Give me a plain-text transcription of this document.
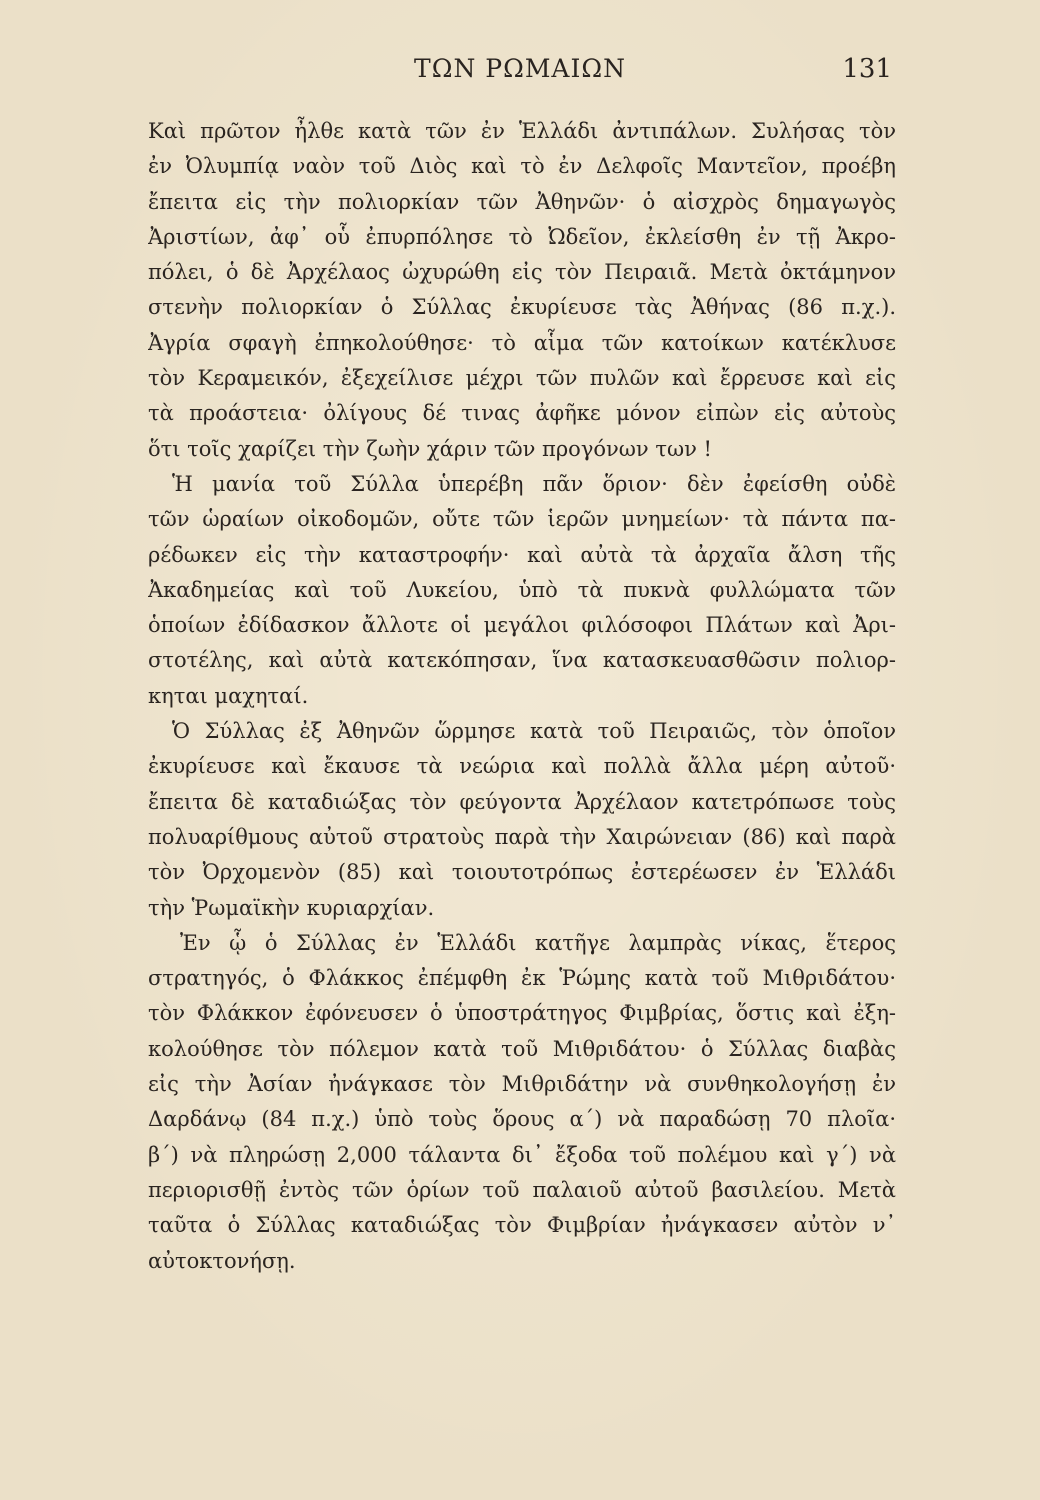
ΤΩΝ ΡΩΜΑΙΩΝ	131
Καὶ πρῶτον ἦλθε κατὰ τῶν ἐν Ἑλλάδι ἀντιπάλων. Συλήσας τὸν
ἐν Ὀλυμπίᾳ ναὸν τοῦ Διὸς καὶ τὸ ἐν Δελφοῖς Μαντεῖον, προέβη
ἔπειτα εἰς τὴν πολιορκίαν τῶν Ἀθηνῶν· ὁ αἰσχρὸς δημαγωγὸς
Ἀριστίων, ἀφ᾽ οὗ ἐπυρπόλησε τὸ Ὠδεῖον, ἐκλείσθη ἐν τῇ Ἀκρο-
πόλει, ὁ δὲ Ἀρχέλαος ὠχυρώθη εἰς τὸν Πειραιᾶ. Μετὰ ὀκτάμηνον
στενὴν πολιορκίαν ὁ Σύλλας ἐκυρίευσε τὰς Ἀθήνας (86 π.χ.).
Ἀγρία σφαγὴ ἐπηκολούθησε· τὸ αἷμα τῶν κατοίκων κατέκλυσε
τὸν Κεραμεικόν, ἐξεχείλισε μέχρι τῶν πυλῶν καὶ ἔρρευσε καὶ εἰς
τὰ προάστεια· ὀλίγους δέ τινας ἀφῆκε μόνον εἰπὼν εἰς αὐτοὺς
ὅτι τοῖς χαρίζει τὴν ζωὴν χάριν τῶν προγόνων των !
Ἡ μανία τοῦ Σύλλα ὑπερέβη πᾶν ὅριον· δὲν ἐφείσθη οὐδὲ
τῶν ὡραίων οἰκοδομῶν, οὔτε τῶν ἱερῶν μνημείων· τὰ πάντα πα-
ρέδωκεν εἰς τὴν καταστροφήν· καὶ αὐτὰ τὰ ἀρχαῖα ἄλση τῆς
Ἀκαδημείας καὶ τοῦ Λυκείου, ὑπὸ τὰ πυκνὰ φυλλώματα τῶν
ὁποίων ἐδίδασκον ἄλλοτε οἱ μεγάλοι φιλόσοφοι Πλάτων καὶ Ἀρι-
στοτέλης, καὶ αὐτὰ κατεκόπησαν, ἵνα κατασκευασθῶσιν πολιορ-
κηται μαχηταί.
Ὁ Σύλλας ἐξ Ἀθηνῶν ὥρμησε κατὰ τοῦ Πειραιῶς, τὸν ὁποῖον
ἐκυρίευσε καὶ ἔκαυσε τὰ νεώρια καὶ πολλὰ ἄλλα μέρη αὐτοῦ·
ἔπειτα δὲ καταδιώξας τὸν φεύγοντα Ἀρχέλαον κατετρόπωσε τοὺς
πολυαρίθμους αὐτοῦ στρατοὺς παρὰ τὴν Χαιρώνειαν (86) καὶ παρὰ
τὸν Ὀρχομενὸν (85) καὶ τοιουτοτρόπως ἐστερέωσεν ἐν Ἑλλάδι
τὴν Ῥωμαϊκὴν κυριαρχίαν.
Ἐν ᾧ ὁ Σύλλας ἐν Ἑλλάδι κατῆγε λαμπρὰς νίκας, ἕτερος
στρατηγός, ὁ Φλάκκος ἐπέμφθη ἐκ Ῥώμης κατὰ τοῦ Μιθριδάτου·
τὸν Φλάκκον ἐφόνευσεν ὁ ὑποστράτηγος Φιμβρίας, ὅστις καὶ ἐξη-
κολούθησε τὸν πόλεμον κατὰ τοῦ Μιθριδάτου· ὁ Σύλλας διαβὰς
εἰς τὴν Ἀσίαν ἠνάγκασε τὸν Μιθριδάτην νὰ συνθηκολογήσῃ ἐν
Δαρδάνῳ (84 π.χ.) ὑπὸ τοὺς ὅρους α΄) νὰ παραδώσῃ 70 πλοῖα·
β΄) νὰ πληρώσῃ 2,000 τάλαντα δι᾽ ἔξοδα τοῦ πολέμου καὶ γ΄) νὰ
περιορισθῇ ἐντὸς τῶν ὁρίων τοῦ παλαιοῦ αὐτοῦ βασιλείου. Μετὰ
ταῦτα ὁ Σύλλας καταδιώξας τὸν Φιμβρίαν ἠνάγκασεν αὐτὸν ν᾽
αὐτοκτονήσῃ.
